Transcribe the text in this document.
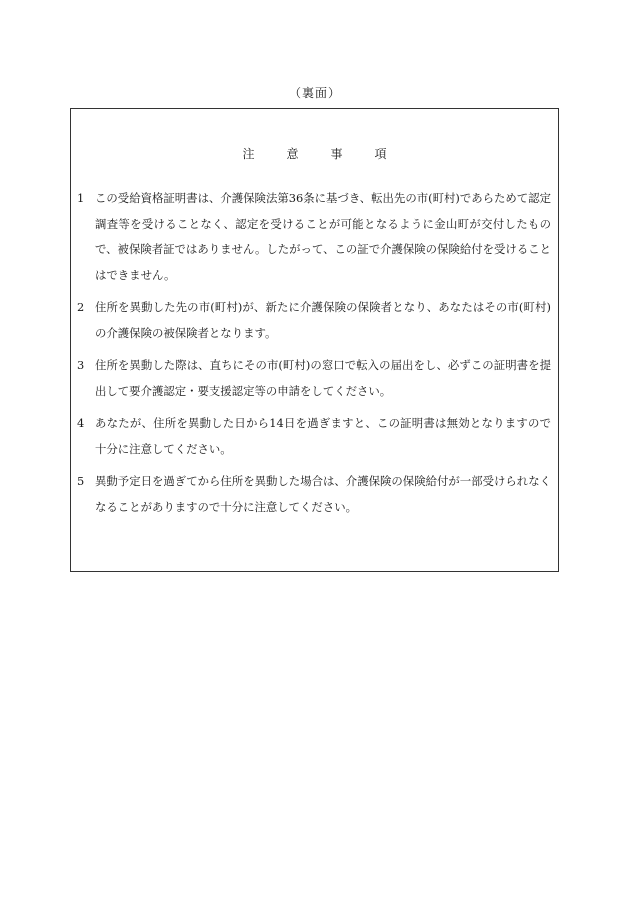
（裏面）
注	意	事	項
1 この受給資格証明書は、介護保険法第36条に基づき、転出先の市(町村)であらためて認定調査等を受けることなく、認定を受けることが可能となるように金山町が交付したもので、被保険者証ではありません。したがって、この証で介護保険の保険給付を受けることはできません。
2 住所を異動した先の市(町村)が、新たに介護保険の保険者となり、あなたはその市(町村)の介護保険の被保険者となります。
3 住所を異動した際は、直ちにその市(町村)の窓口で転入の届出をし、必ずこの証明書を提出して要介護認定・要支援認定等の申請をしてください。
4 あなたが、住所を異動した日から14日を過ぎますと、この証明書は無効となりますので十分に注意してください。
5 異動予定日を過ぎてから住所を異動した場合は、介護保険の保険給付が一部受けられなくなることがありますので十分に注意してください。
